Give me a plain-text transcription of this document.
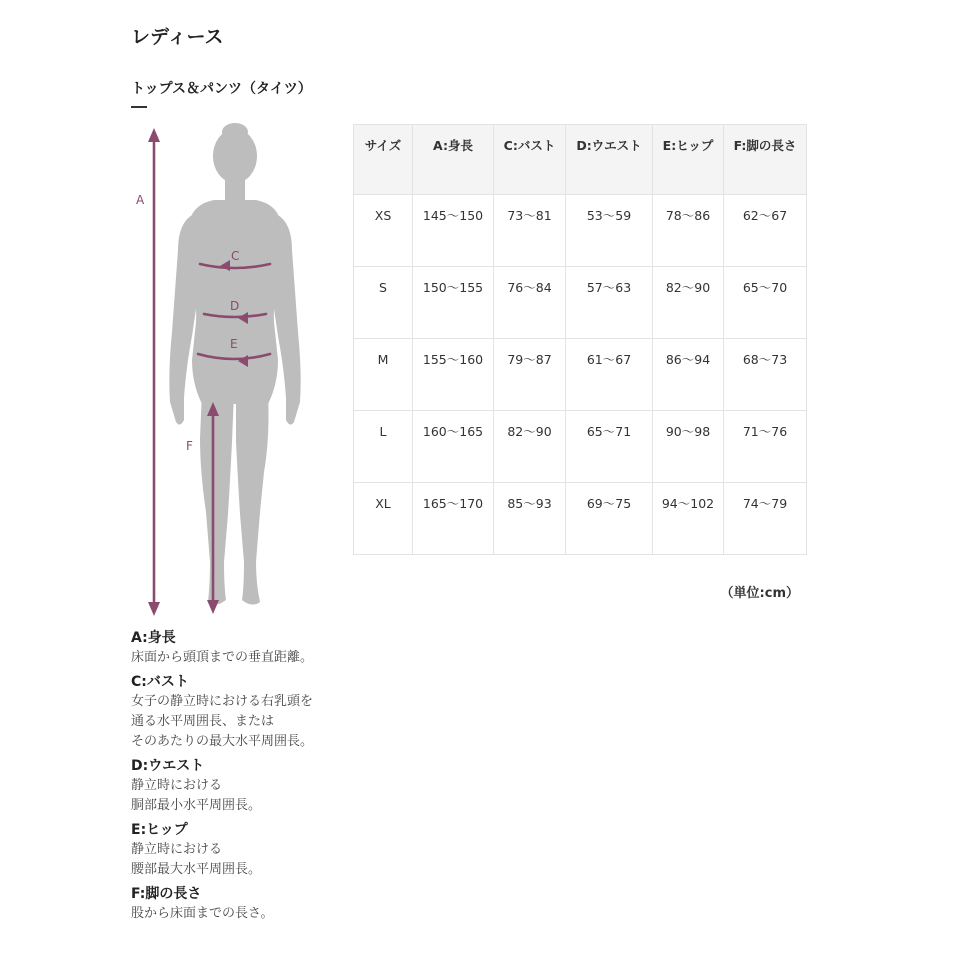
レディース
トップス＆パンツ（タイツ）
A
C
D
E
F
サイズ	A:身長	C:バスト	D:ウエスト	E:ヒップ	F:脚の長さ
XS	145～150	73～81	53～59	78～86	62～67
S	150～155	76～84	57～63	82～90	65～70
M	155～160	79～87	61～67	86～94	68～73
L	160～165	82～90	65～71	90～98	71～76
XL	165～170	85～93	69～75	94～102	74～79
（単位:cm）
A:身長
床面から頭頂までの垂直距離。
C:バスト
女子の静立時における右乳頭を
通る水平周囲長、または
そのあたりの最大水平周囲長。
D:ウエスト
静立時における
胴部最小水平周囲長。
E:ヒップ
静立時における
腰部最大水平周囲長。
F:脚の長さ
股から床面までの長さ。
